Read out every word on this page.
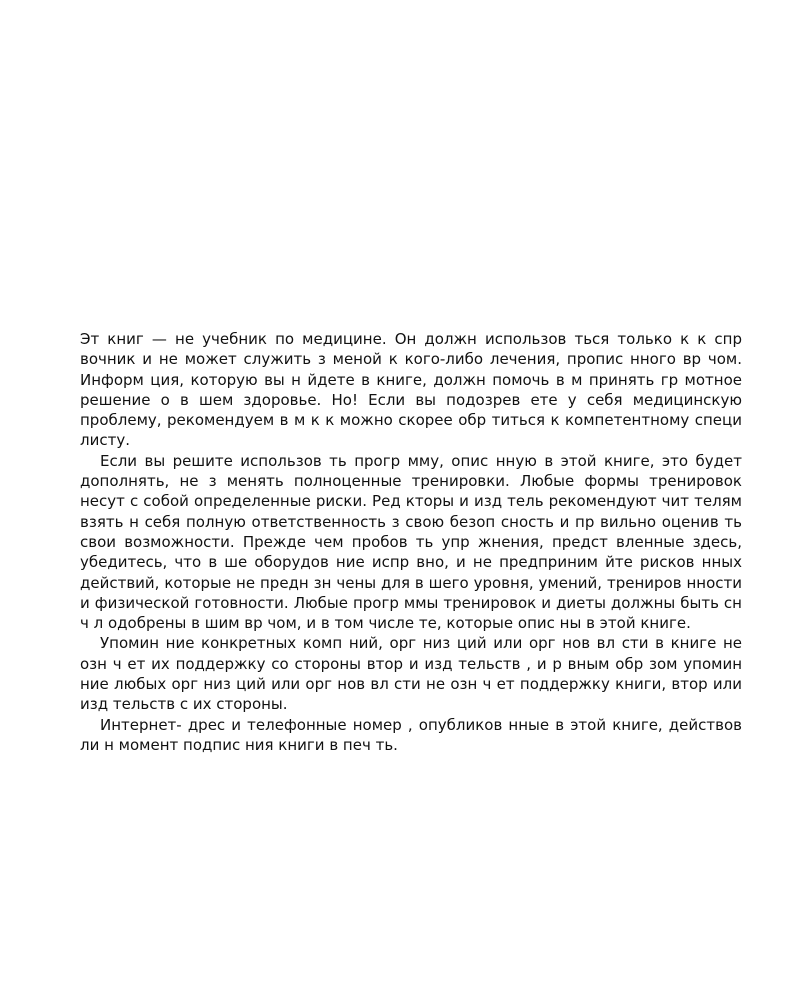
Эт книг — не учебник по медицине. Он должн использов ться только к к спр вочник и не может служить з меной к кого-либо лечения, пропис нного вр чом. Информ ция, которую вы н йдете в книге, должн помочь в м принять гр мотное решение о в шем здоровье. Но! Если вы подозрев ете у себя медицинскую проблему, рекомендуем в м к к можно скорее обр титься к компетентному специ листу.

Если вы решите использов ть прогр мму, опис нную в этой книге, это будет дополнять, не з менять полноценные тренировки. Любые формы тренировок несут с собой определенные риски. Ред кторы и изд тель рекомендуют чит телям взять н себя полную ответственность з свою безоп сность и пр вильно оценив ть свои возможности. Прежде чем пробов ть упр жнения, предст вленные здесь, убедитесь, что в ше оборудов ние испр вно, и не предприним йте рисков нных действий, которые не предн зн чены для в шего уровня, умений, трениров нности и физической готовности. Любые прогр ммы тренировок и диеты должны быть сн ч л одобрены в шим вр чом, и в том числе те, которые опис ны в этой книге.

Упомин ние конкретных комп ний, орг низ ций или орг нов вл сти в книге не озн ч ет их поддержку со стороны втор и изд тельств , и р вным обр зом упомин ние любых орг низ ций или орг нов вл сти не озн ч ет поддержку книги, втор или изд тельств с их стороны.

Интернет- дрес и телефонные номер , опубликов нные в этой книге, действов ли н момент подпис ния книги в печ ть.
